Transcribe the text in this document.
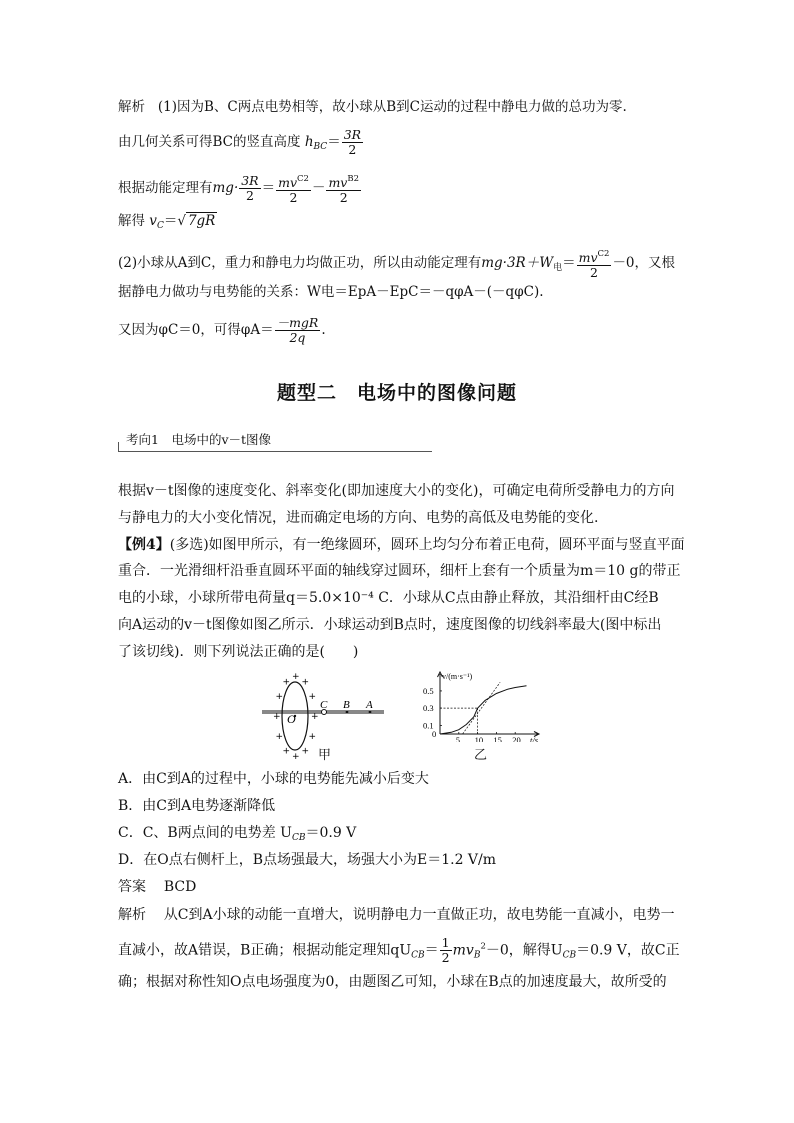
解析 (1)因为B、C两点电势相等，故小球从B到C运动的过程中静电力做的总功为零.
由几何关系可得BC的竖直高度 $h_{BC}= \frac{3R}{2}$
根据动能定理有$mg\cdot \frac{3R}{2} = \frac{mv^{C2}}{2} - \frac{mv^{B2}}{2}$
解得 $v_C=√$ 7gR
(2)小球从A到C，重力和静电力均做正功，所以由动能定理有$mg\cdot 3R+W_电= \frac{mv^{C2}}{2} -0$，又根
据静电力做功与电势能的关系：W电＝EpA－EpC＝－qφA－(－qφC).
又因为φC＝0，可得$\varphi A= \frac{\text{－mgR}}{2q}$ .
题型二　电场中的图像问题
考向1　电场中的v－t图像
根据v－t图像的速度变化、斜率变化(即加速度大小的变化)，可确定电荷所受静电力的方向
与静电力的大小变化情况，进而确定电场的方向、电势的高低及电势能的变化.
【例4】(多选)如图甲所示，有一绝缘圆环，圆环上均匀分布着正电荷，圆环平面与竖直平面
重合．一光滑细杆沿垂直圆环平面的轴线穿过圆环，细杆上套有一个质量为m＝10 g的带正
电的小球，小球所带电荷量q＝5.0×10⁻⁴ C．小球从C点由静止释放，其沿细杆由C经B
向A运动的v－t图像如图乙所示．小球运动到B点时，速度图像的切线斜率最大(图中标出
了该切线)．则下列说法正确的是(　　)
O
C B A
+
+
+
+
+
+
+
+
+
+
+
+
甲
v/(m·s⁻¹)
t/s
0
5 10 15 20
0.1
0.3
0.5
乙
A．由C到A的过程中，小球的电势能先减小后变大
B．由C到A电势逐渐降低
C．C、B两点间的电势差 $U_{CB}=0.9$ V
D．在O点右侧杆上，B点场强最大，场强大小为E＝1.2 V/m
答案 BCD
解析 从C到A小球的动能一直增大，说明静电力一直做正功，故电势能一直减小，电势一
直减小，故A错误，B正确；根据动能定理知$qU_{CB}= \frac{1}{2} mv_B^2-0$，解得$U_{CB}=0.9$ V，故C正
确；根据对称性知O点电场强度为0，由题图乙可知，小球在B点的加速度最大，故所受的
